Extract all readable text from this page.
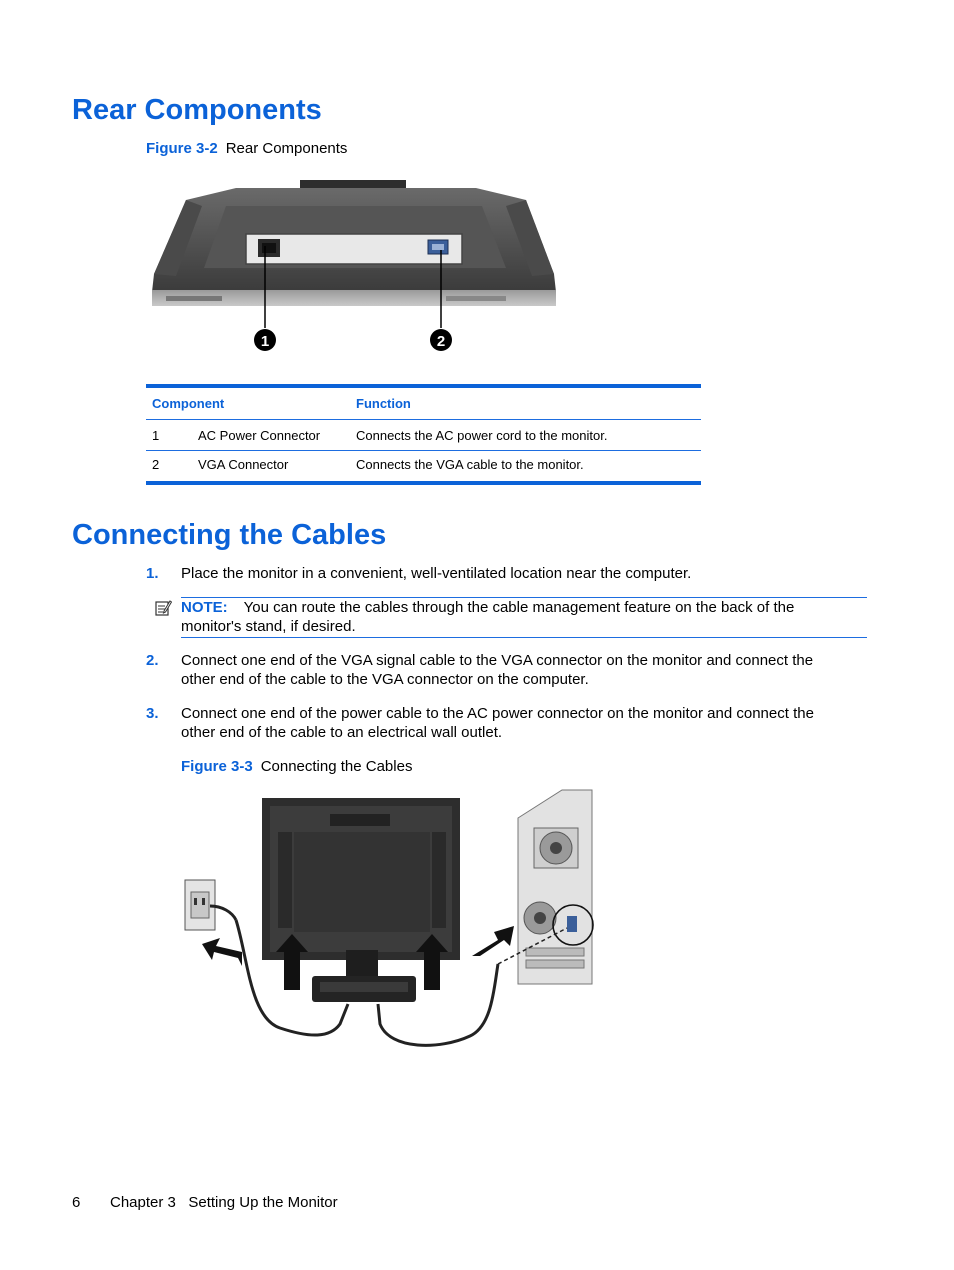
Rear Components
Figure 3-2 Rear Components
1	2
Component	Function
1	AC Power Connector	Connects the AC power cord to the monitor.
2	VGA Connector	Connects the VGA cable to the monitor.
Connecting the Cables
1. Place the monitor in a convenient, well-ventilated location near the computer.
NOTE: You can route the cables through the cable management feature on the back of the
monitor's stand, if desired.
2. Connect one end of the VGA signal cable to the VGA connector on the monitor and connect the
other end of the cable to the VGA connector on the computer.
3. Connect one end of the power cable to the AC power connector on the monitor and connect the
other end of the cable to an electrical wall outlet.
Figure 3-3 Connecting the Cables
6 Chapter 3   Setting Up the Monitor
